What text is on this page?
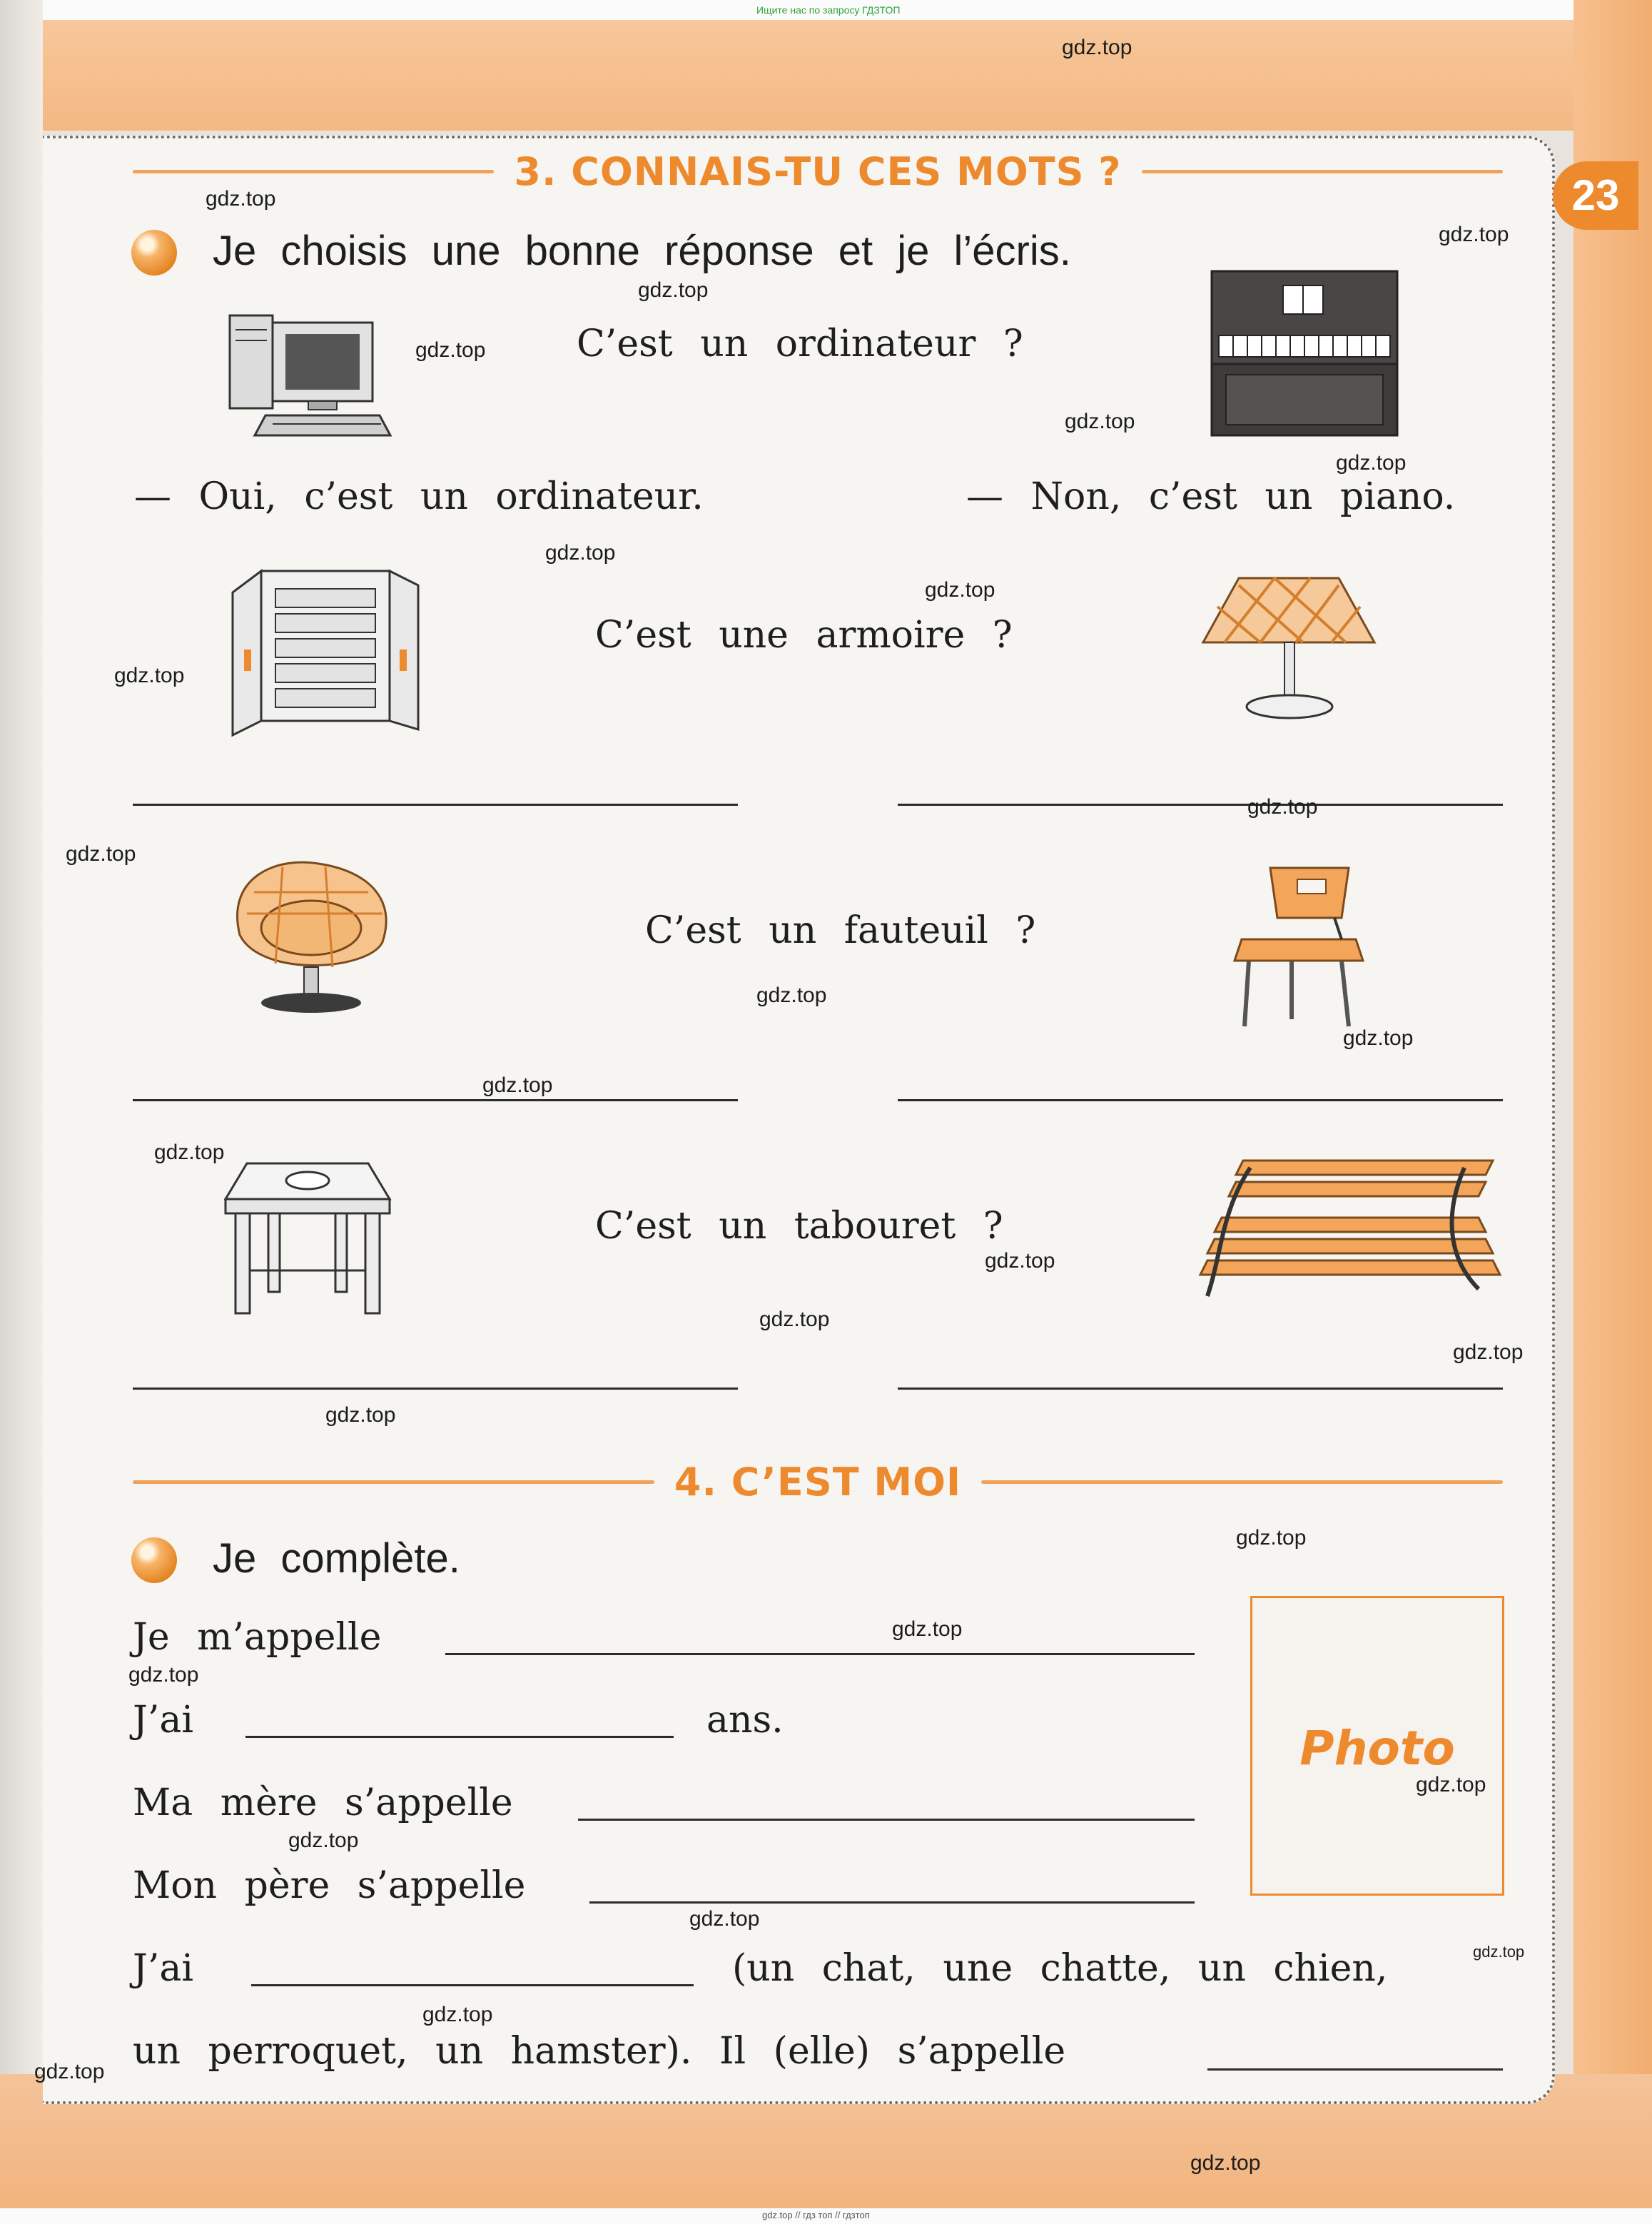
Ищите нас по запросу ГДЗТОП
gdz.top // гдз топ // гдзтоп
23
3. CONNAIS-TU CES MOTS ?
Je choisis une bonne réponse et je l’écris.
C’est un ordinateur ?
— Oui, c’est un ordinateur.	— Non, c’est un piano.
C’est une armoire ?
C’est un fauteuil ?
C’est un tabouret ?
4. C’EST MOI
Je complète.
Je m’appelle
J’ai	ans.
Ma mère s’appelle
Mon père s’appelle
J’ai	(un chat, une chatte, un chien,
un perroquet, un hamster). Il (elle) s’appelle
Photo
gdz.top
gdz.top
gdz.top
gdz.top
gdz.top
gdz.top
gdz.top
gdz.top
gdz.top
gdz.top
gdz.top
gdz.top
gdz.top
gdz.top
gdz.top
gdz.top
gdz.top
gdz.top
gdz.top
gdz.top
gdz.top
gdz.top
gdz.top
gdz.top
gdz.top
gdz.top
gdz.top
gdz.top
gdz.top
gdz.top
